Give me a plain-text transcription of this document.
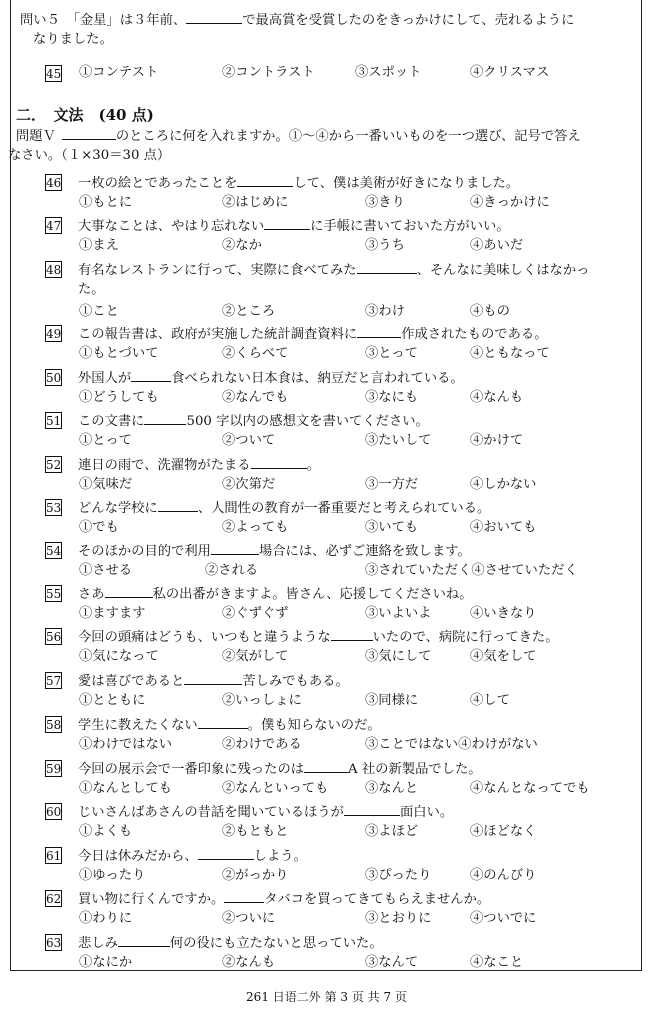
問い５　「金星」は３年前、	で最高賞を受賞したのをきっかけにして、売れるように
なりました。
45 ①コンテスト	②コントラスト	③スポット	④クリスマス
二．　文法　(40 点)
問題Ｖ	のところに何を入れますか。①～④から一番いいものを一つ選び、記号で答え
なさい。（１×30＝30 点）
46 一枚の絵とであったことを	して、僕は美術が好きになりました。
①もとに	②はじめに	③きり	④きっかけに
47 大事なことは、やはり忘れない	に手帳に書いておいた方がいい。
①まえ	②なか	③うち	④あいだ
48 有名なレストランに行って、実際に食べてみた	、そんなに美味しくはなかっ
た。
①こと	②ところ	③わけ	④もの
49 この報告書は、政府が実施した統計調査資料に	作成されたものである。
①もとづいて	②くらべて	③とって	④ともなって
50 外国人が	食べられない日本食は、納豆だと言われている。
①どうしても	②なんでも	③なにも	④なんも
51 この文書に	500 字以内の感想文を書いてください。
①とって	②ついて	③たいして	④かけて
52 連日の雨で、洗濯物がたまる	。
①気味だ	②次第だ	③一方だ	④しかない
53 どんな学校に	、人間性の教育が一番重要だと考えられている。
①でも	②よっても	③いても	④おいても
54 そのほかの目的で利用	場合には、必ずご連絡を致します。
①させる	②される	③されていただく④させていただく
55 さあ	私の出番がきますよ。皆さん、応援してくださいね。
①ますます	②ぐずぐず	③いよいよ	④いきなり
56 今回の頭痛はどうも、いつもと違うような	いたので、病院に行ってきた。
①気になって	②気がして	③気にして	④気をして
57 愛は喜びであると	苦しみでもある。
①とともに	②いっしょに	③同様に	④して
58 学生に教えたくない	。僕も知らないのだ。
①わけではない	②わけである	③ことではない④わけがない
59 今回の展示会で一番印象に残ったのは	A 社の新製品でした。
①なんとしても	②なんといっても	③なんと	④なんとなってでも
60 じいさんばあさんの昔話を聞いているほうが	面白い。
①よくも	②もともと	③よほど	④ほどなく
61 今日は休みだから、	しよう。
①ゆったり	②がっかり	③ぴったり	④のんびり
62 買い物に行くんですか。	タバコを買ってきてもらえませんか。
①わりに	②ついに	③とおりに	④ついでに
63 悲しみ	何の役にも立たないと思っていた。
①なにか	②なんも	③なんて	④なこと
261 日语二外 第 3 页 共 7 页
